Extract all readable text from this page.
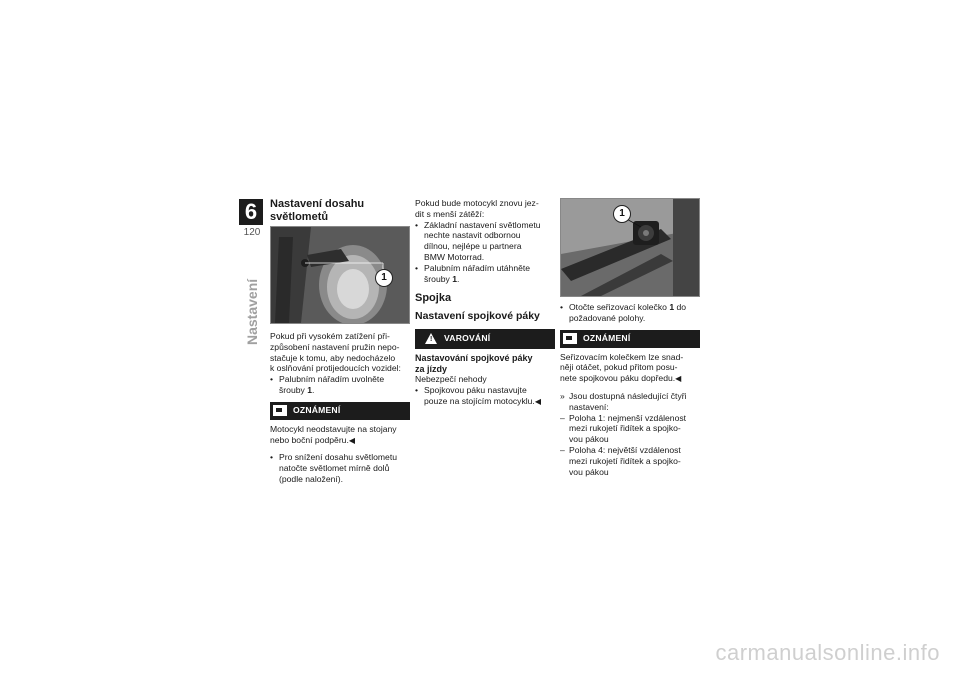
6
120
Nastavení

Nastavení dosahu

světlometů

1

Pokud při vysokém zatížení při-

způsobení nastavení pružin nepo-

stačuje k tomu, aby nedocházelo

k oslňování protijedoucích vozidel:

• Palubním nářadím uvolněte
šrouby 1.
OZNÁMENÍ

Motocykl neodstavujte na stojany

nebo boční podpěru.◀

• Pro snížení dosahu světlometu
natočte světlomet mírně dolů
(podle naložení).

Pokud bude motocykl znovu jez-

dit s menší zátěží:

• Základní nastavení světlometu
nechte nastavit odbornou
dílnou, nejlépe u partnera
BMW Motorrad.
• Palubním nářadím utáhněte
šrouby 1.

Spojka

Nastavení spojkové páky

! VAROVÁNÍ

Nastavování spojkové páky

za jízdy

Nebezpečí nehody

• Spojkovou páku nastavujte
pouze na stojícím motocyklu.◀
1
• Otočte seřizovací kolečko 1 do
požadované polohy.
OZNÁMENÍ

Seřizovacím kolečkem lze snad-

něji otáčet, pokud přitom posu-

nete spojkovou páku dopředu.◀

» Jsou dostupná následující čtyři
nastavení:
– Poloha 1: nejmenší vzdálenost
mezi rukojetí řidítek a spojko-
vou pákou
– Poloha 4: největší vzdálenost
mezi rukojetí řidítek a spojko-
vou pákou
carmanualsonline.info
